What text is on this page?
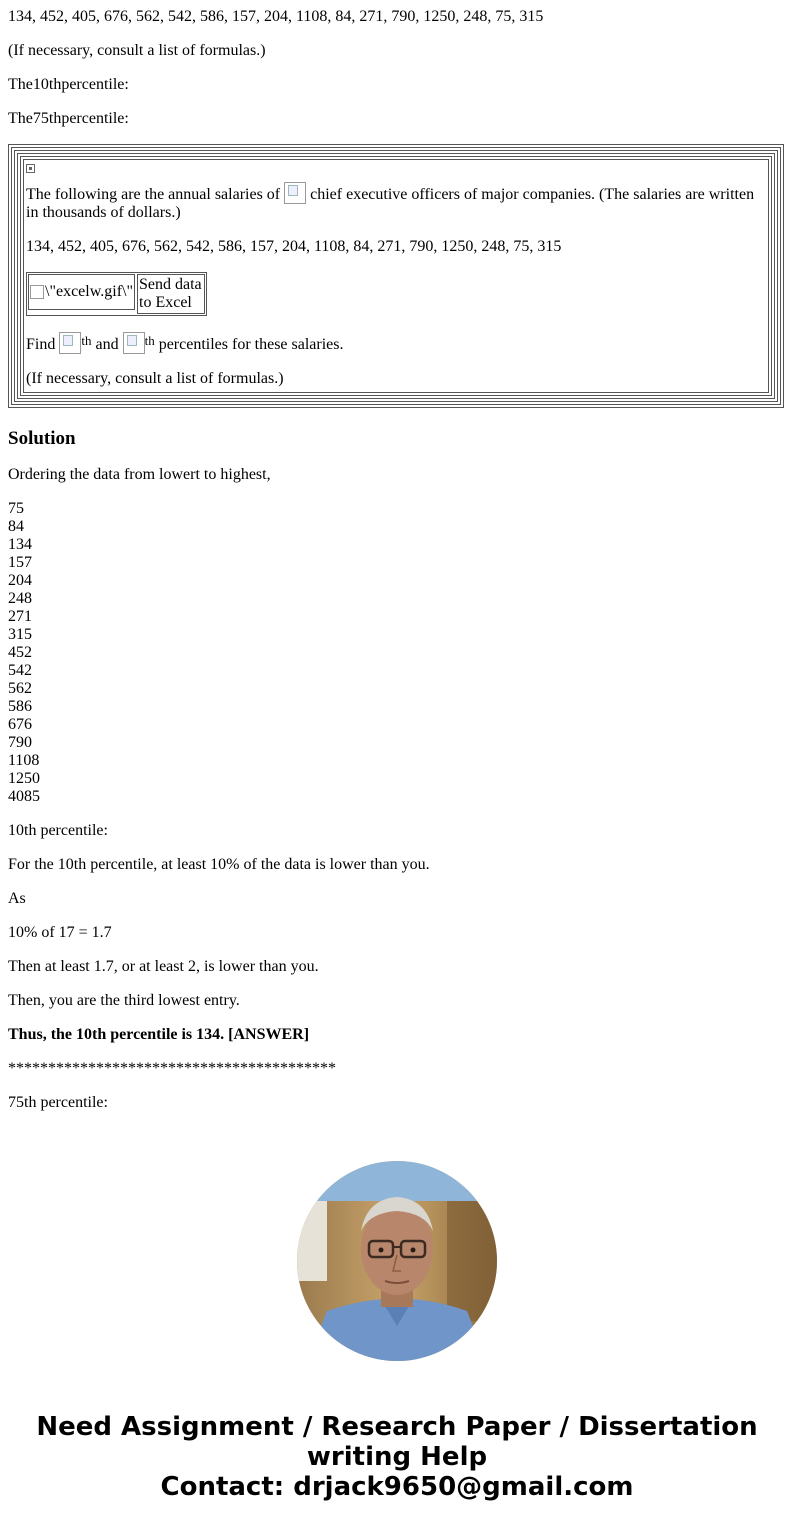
134, 452, 405, 676, 562, 542, 586, 157, 204, 1108, 84, 271, 790, 1250, 248, 75, 315

(If necessary, consult a list of formulas.)

The10thpercentile:

The75thpercentile:

The following are the annual salaries of chief executive officers of major companies. (The salaries are written in thousands of dollars.)

134, 452, 405, 676, 562, 542, 586, 157, 204, 1108, 84, 271, 790, 1250, 248, 75, 315

\"excelw.gif\" Send data
to Excel

Find $^{th}$ and $^{th}$ percentiles for these salaries.

(If necessary, consult a list of formulas.)

Solution

Ordering the data from lowert to highest,

75
84
134
157
204
248
271
315
452
542
562
586
676
790
1108
1250
4085

10th percentile:

For the 10th percentile, at least 10% of the data is lower than you.

As

10% of 17 = 1.7

Then at least 1.7, or at least 2, is lower than you.

Then, you are the third lowest entry.

Thus, the 10th percentile is 134. [ANSWER]

*****************************************

75th percentile:

Need Assignment / Research Paper / Dissertation
writing Help
Contact: drjack9650@gmail.com
